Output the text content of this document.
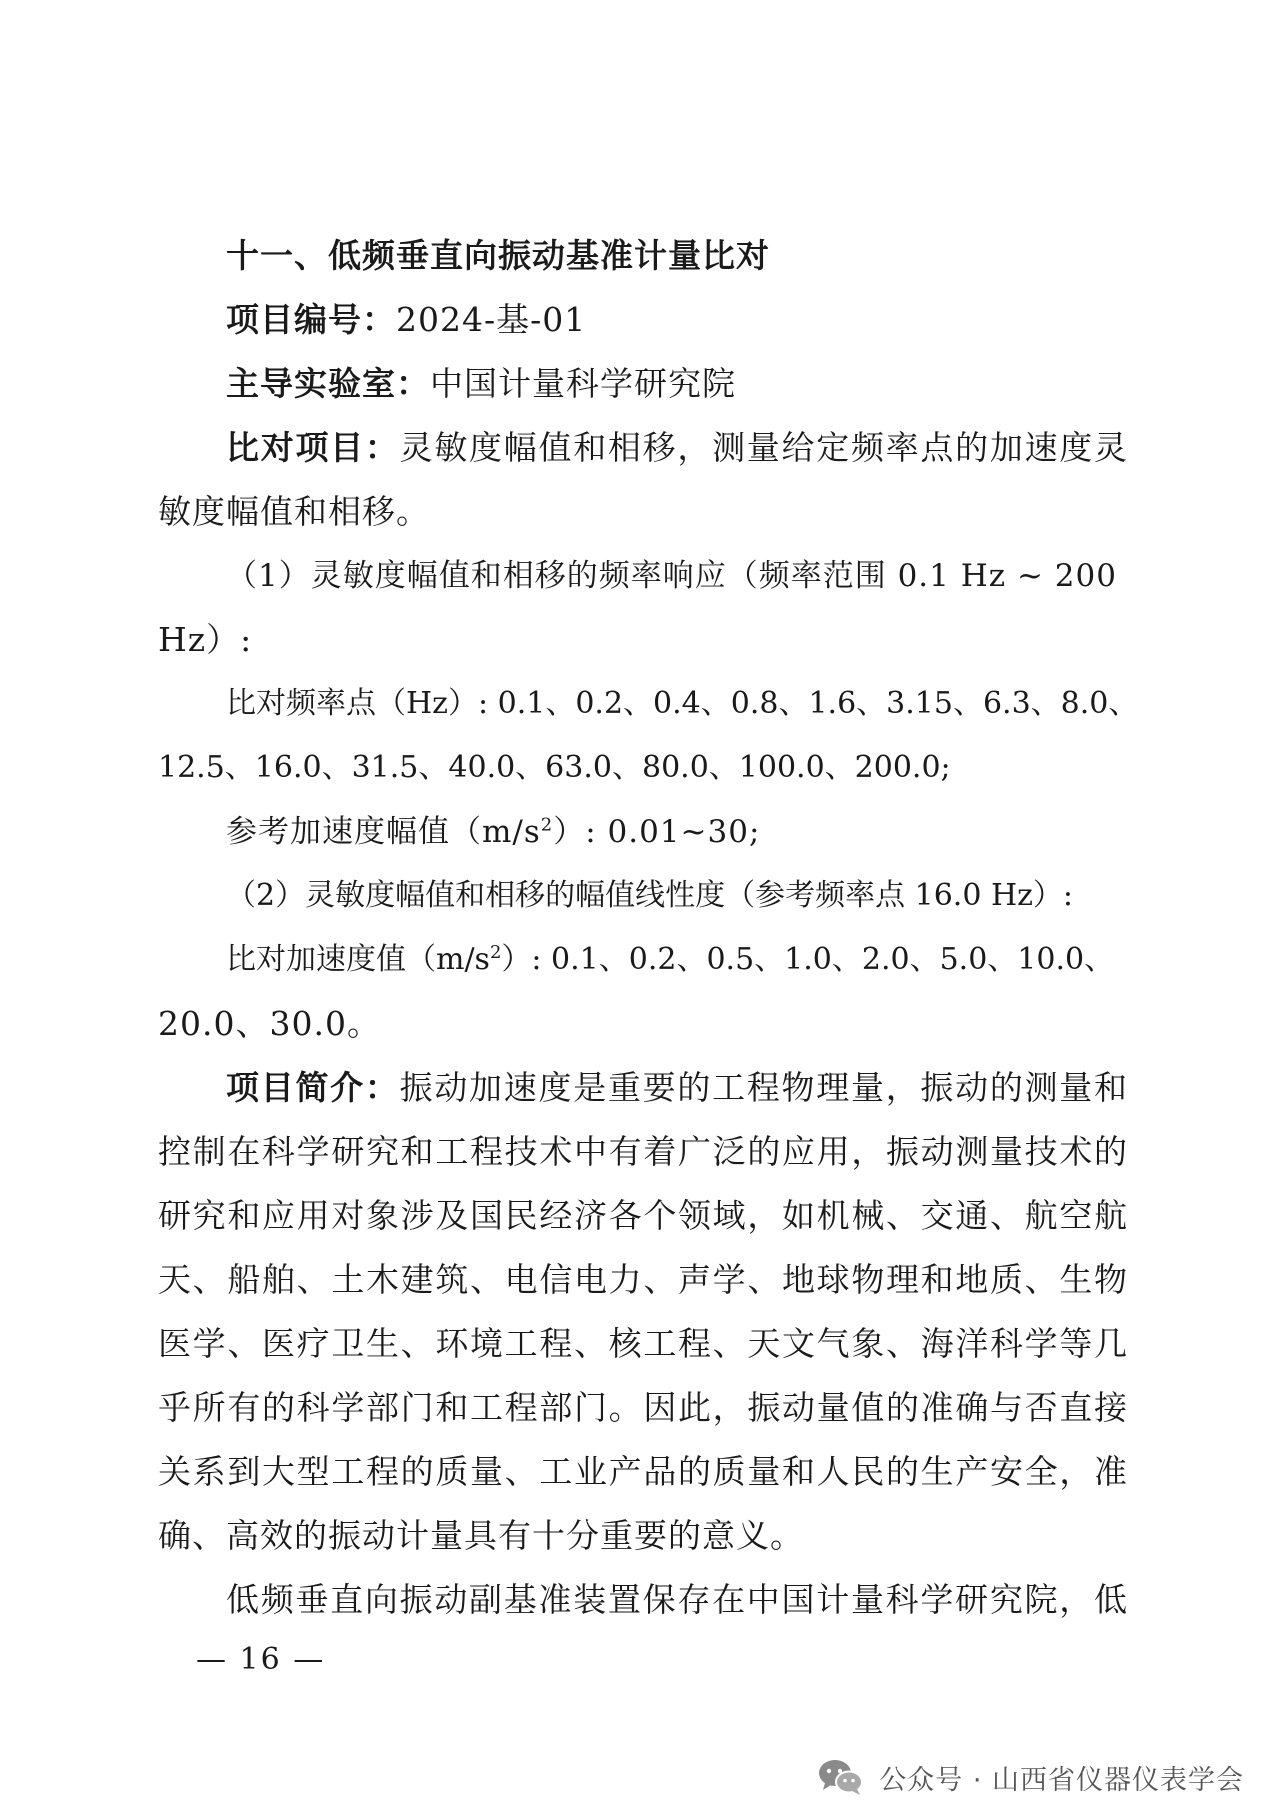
十一、低频垂直向振动基准计量比对
项目编号：2024-基-01
主导实验室：中国计量科学研究院
比对项目：灵敏度幅值和相移，测量给定频率点的加速度灵
敏度幅值和相移。
（1）灵敏度幅值和相移的频率响应（频率范围 0.1 Hz ~ 200
Hz）:
比对频率点（Hz）: 0.1、0.2、0.4、0.8、1.6、3.15、6.3、8.0、
12.5、16.0、31.5、40.0、63.0、80.0、100.0、200.0;
参考加速度幅值$(m/s^2)$: 0.01~30;
（2）灵敏度幅值和相移的幅值线性度（参考频率点 16.0 Hz）:
比对加速度值$(m/s^2)$: 0.1、0.2、0.5、1.0、2.0、5.0、10.0、
20.0、30.0。
项目简介：振动加速度是重要的工程物理量，振动的测量和
控制在科学研究和工程技术中有着广泛的应用，振动测量技术的
研究和应用对象涉及国民经济各个领域，如机械、交通、航空航
天、船舶、土木建筑、电信电力、声学、地球物理和地质、生物
医学、医疗卫生、环境工程、核工程、天文气象、海洋科学等几
乎所有的科学部门和工程部门。因此，振动量值的准确与否直接
关系到大型工程的质量、工业产品的质量和人民的生产安全，准
确、高效的振动计量具有十分重要的意义。
低频垂直向振动副基准装置保存在中国计量科学研究院，低
— 16 —
公众号 · 山西省仪器仪表学会
